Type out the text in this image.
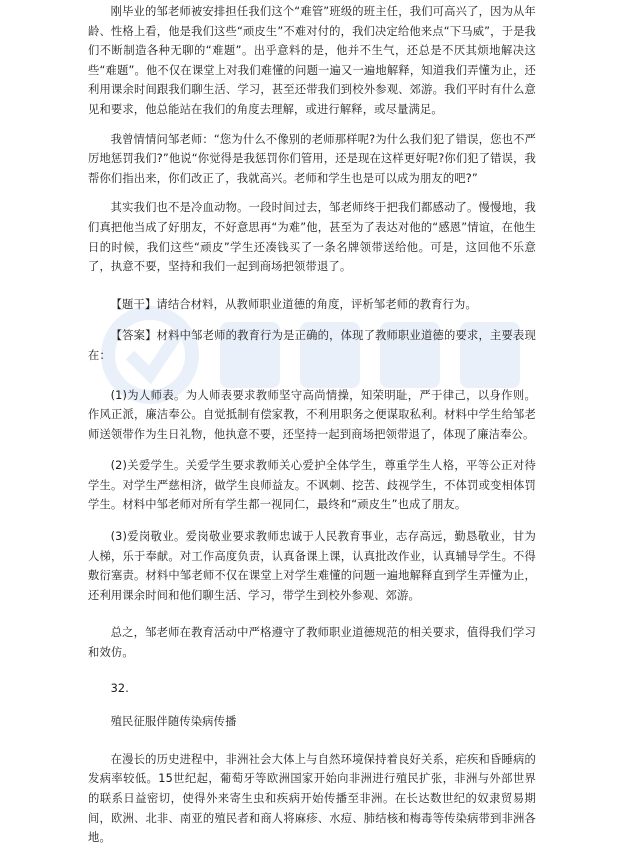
刚毕业的邹老师被安排担任我们这个“难管”班级的班主任，我们可高兴了，因为从年龄、性格上看，他是我们这些“顽皮生”不难对付的，我们决定给他来点“下马威”，于是我们不断制造各种无聊的“难题”。出乎意料的是，他并不生气，还总是不厌其烦地解决这些“难题”。他不仅在课堂上对我们难懂的问题一遍又一遍地解释，知道我们弄懂为止，还利用课余时间跟我们聊生活、学习，甚至还带我们到校外参观、郊游。我们平时有什么意见和要求，他总能站在我们的角度去理解，或进行解释，或尽量满足。

我曾情情问邹老师：“您为什么不像别的老师那样呢?为什么我们犯了错误，您也不严厉地惩罚我们?”他说“你觉得是我惩罚你们管用，还是现在这样更好呢?你们犯了错误，我帮你们指出来，你们改正了，我就高兴。老师和学生也是可以成为朋友的吧?”

其实我们也不是冷血动物。一段时间过去，邹老师终于把我们都感动了。慢慢地，我们真把他当成了好朋友，不好意思再“为难”他，甚至为了表达对他的“感恩”情谊，在他生日的时候，我们这些“顽皮”学生还凑钱买了一条名牌领带送给他。可是，这回他不乐意了，执意不要，坚持和我们一起到商场把领带退了。

【题干】请结合材料，从教师职业道德的角度，评析邹老师的教育行为。

【答案】材料中邹老师的教育行为是正确的，体现了教师职业道德的要求，主要表现在：

(1)为人师表。为人师表要求教师坚守高尚情操，知荣明耻，严于律己，以身作则。作风正派，廉洁奉公。自觉抵制有偿家教，不利用职务之便谋取私利。材料中学生给邹老师送领带作为生日礼物，他执意不要，还坚持一起到商场把领带退了，体现了廉洁奉公。

(2)关爱学生。关爱学生要求教师关心爱护全体学生，尊重学生人格，平等公正对待学生。对学生严慈相济，做学生良师益友。不讽刺、挖苦、歧视学生，不体罚或变相体罚学生。材料中邹老师对所有学生都一视同仁，最终和“顽皮生”也成了朋友。

(3)爱岗敬业。爱岗敬业要求教师忠诚于人民教育事业，志存高远，勤恳敬业，甘为人梯，乐于奉献。对工作高度负责，认真备课上课，认真批改作业，认真辅导学生。不得敷衍塞责。材料中邹老师不仅在课堂上对学生难懂的问题一遍地解释直到学生弄懂为止，还利用课余时间和他们聊生活、学习，带学生到校外参观、郊游。

总之，邹老师在教育活动中严格遵守了教师职业道德规范的相关要求，值得我们学习和效仿。

32.

殖民征服伴随传染病传播

在漫长的历史进程中，非洲社会大体上与自然环境保持着良好关系，疟疾和昏睡病的发病率较低。15世纪起，葡萄牙等欧洲国家开始向非洲进行殖民扩张，非洲与外部世界的联系日益密切，使得外来寄生虫和疾病开始传播至非洲。在长达数世纪的奴隶贸易期间，欧洲、北非、南亚的殖民者和商人将麻疹、水痘、肺结核和梅毒等传染病带到非洲各地。
